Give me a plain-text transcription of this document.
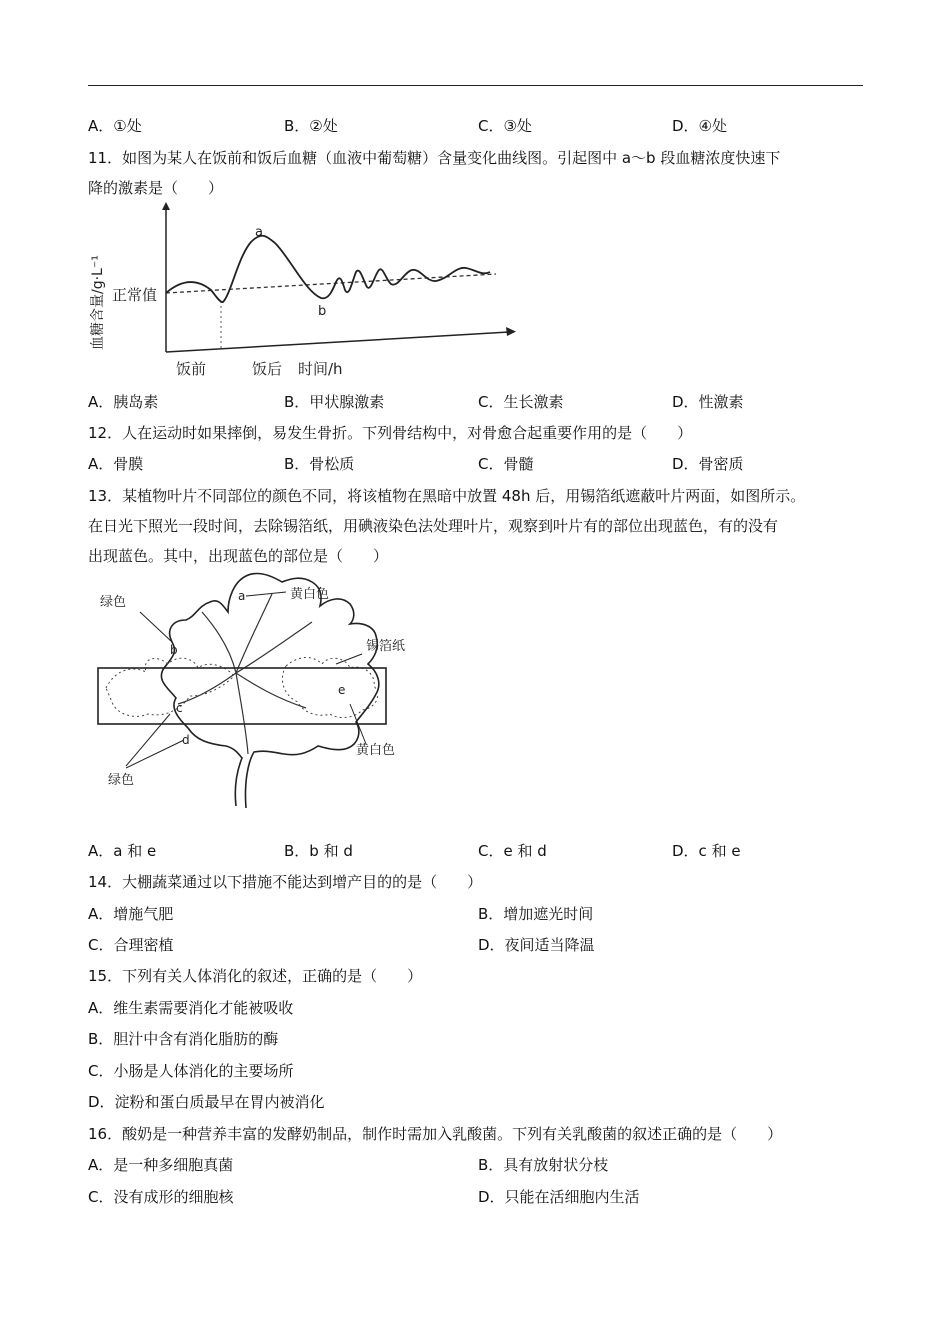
A．①处	B．②处	C．③处	D．④处
11．如图为某人在饭前和饭后血糖（血液中葡萄糖）含量变化曲线图。引起图中 a～b 段血糖浓度快速下
降的激素是（　　）
a
b
正常值
血糖含量/g·L⁻¹
饭前	饭后 时间/h
A．胰岛素	B．甲状腺激素	C．生长激素	D．性激素
12．人在运动时如果摔倒，易发生骨折。下列骨结构中，对骨愈合起重要作用的是（　　）
A．骨膜	B．骨松质	C．骨髓	D．骨密质
13．某植物叶片不同部位的颜色不同，将该植物在黑暗中放置 48h 后，用锡箔纸遮蔽叶片两面，如图所示。
在日光下照光一段时间，去除锡箔纸，用碘液染色法处理叶片，观察到叶片有的部位出现蓝色，有的没有
出现蓝色。其中，出现蓝色的部位是（　　）
绿色	a	黄白色
b	锡箔纸
e
c
d
黄白色
绿色
A．a 和 e	B．b 和 d	C．e 和 d	D．c 和 e
14．大棚蔬菜通过以下措施不能达到增产目的的是（　　）
A．增施气肥	B．增加遮光时间
C．合理密植	D．夜间适当降温
15．下列有关人体消化的叙述，正确的是（　　）
A．维生素需要消化才能被吸收
B．胆汁中含有消化脂肪的酶
C．小肠是人体消化的主要场所
D．淀粉和蛋白质最早在胃内被消化
16．酸奶是一种营养丰富的发酵奶制品，制作时需加入乳酸菌。下列有关乳酸菌的叙述正确的是（　　）
A．是一种多细胞真菌	B．具有放射状分枝
C．没有成形的细胞核	D．只能在活细胞内生活
